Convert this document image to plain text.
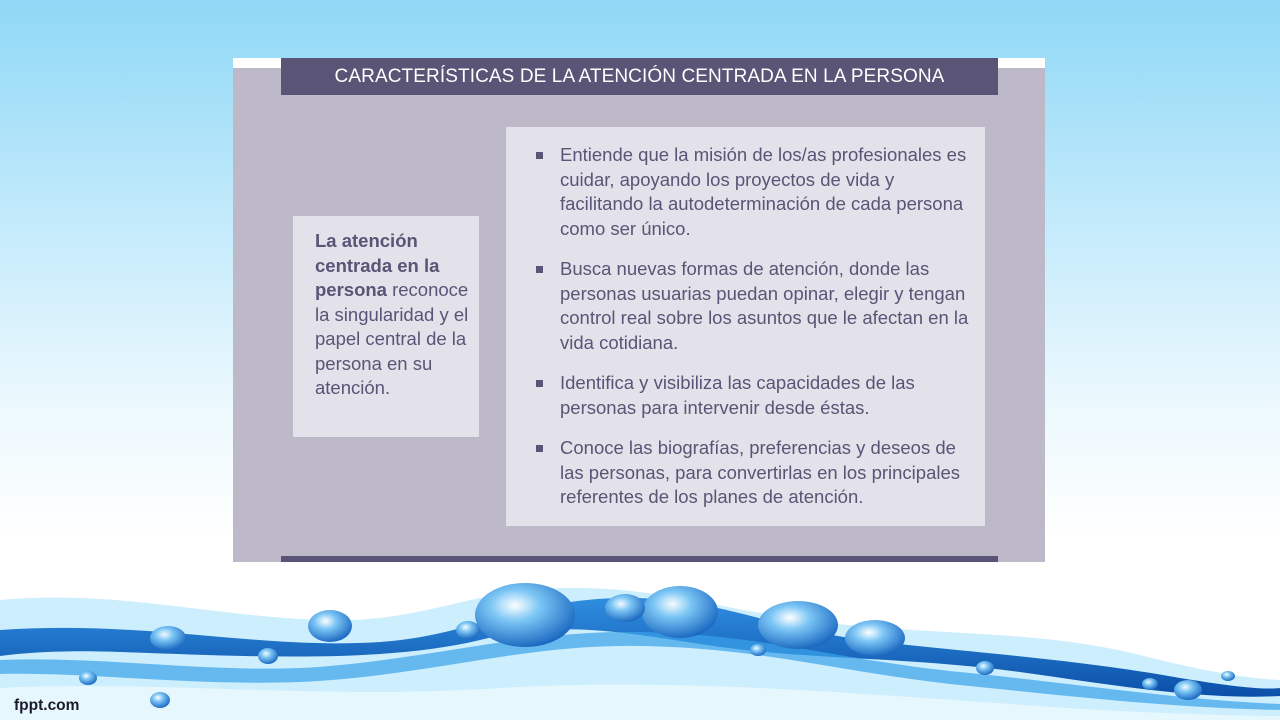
CARACTERÍSTICAS DE LA ATENCIÓN CENTRADA EN LA PERSONA
La atención centrada en la persona reconoce la singularidad y el papel central de la persona en su atención.
Entiende que la misión de los/as profesionales es cuidar, apoyando los proyectos de vida y facilitando la autodeterminación de cada persona como ser único.
Busca nuevas formas de atención, donde las personas usuarias puedan opinar, elegir y tengan control real sobre los asuntos que le afectan en la vida cotidiana.
Identifica y visibiliza las capacidades de las personas para intervenir desde éstas.
Conoce las biografías, preferencias y deseos de las personas, para convertirlas en los principales referentes de los planes de atención.
fppt.com
